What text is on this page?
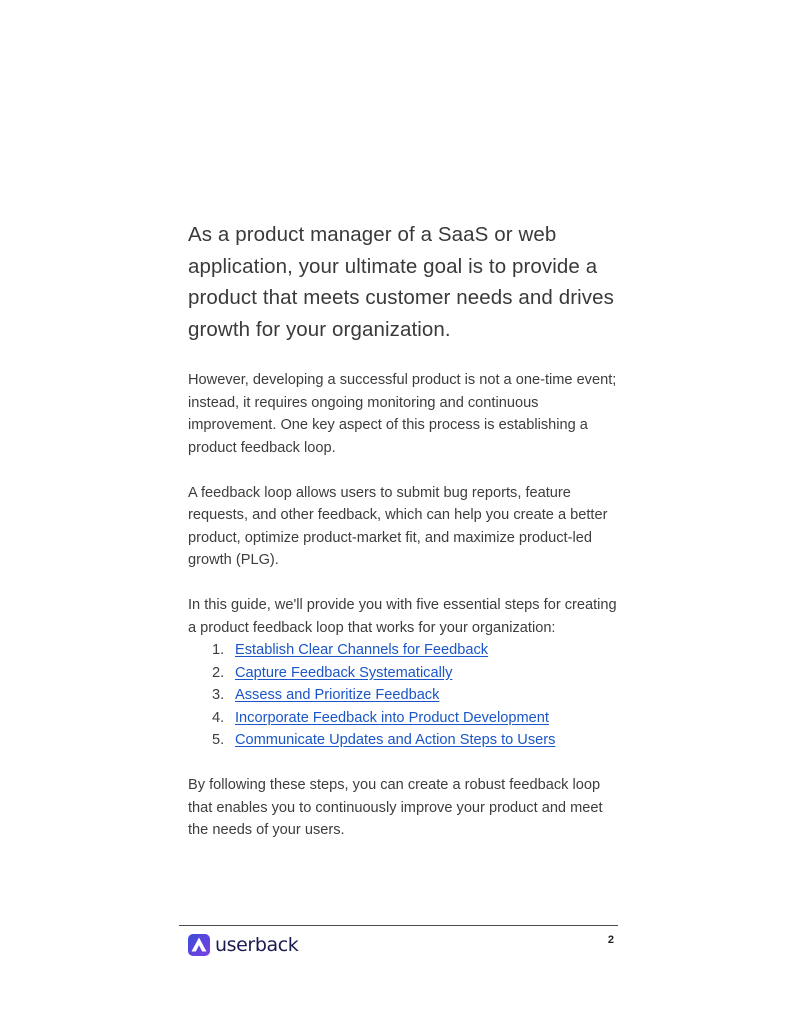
As a product manager of a SaaS or web application, your ultimate goal is to provide a product that meets customer needs and drives growth for your organization.

However, developing a successful product is not a one-time event; instead, it requires ongoing monitoring and continuous improvement. One key aspect of this process is establishing a product feedback loop.

A feedback loop allows users to submit bug reports, feature requests, and other feedback, which can help you create a better product, optimize product-market fit, and maximize product-led growth (PLG).

In this guide, we'll provide you with five essential steps for creating a product feedback loop that works for your organization:

1. Establish Clear Channels for Feedback
2. Capture Feedback Systematically
3. Assess and Prioritize Feedback
4. Incorporate Feedback into Product Development
5. Communicate Updates and Action Steps to Users

By following these steps, you can create a robust feedback loop that enables you to continuously improve your product and meet the needs of your users.

userback	2
